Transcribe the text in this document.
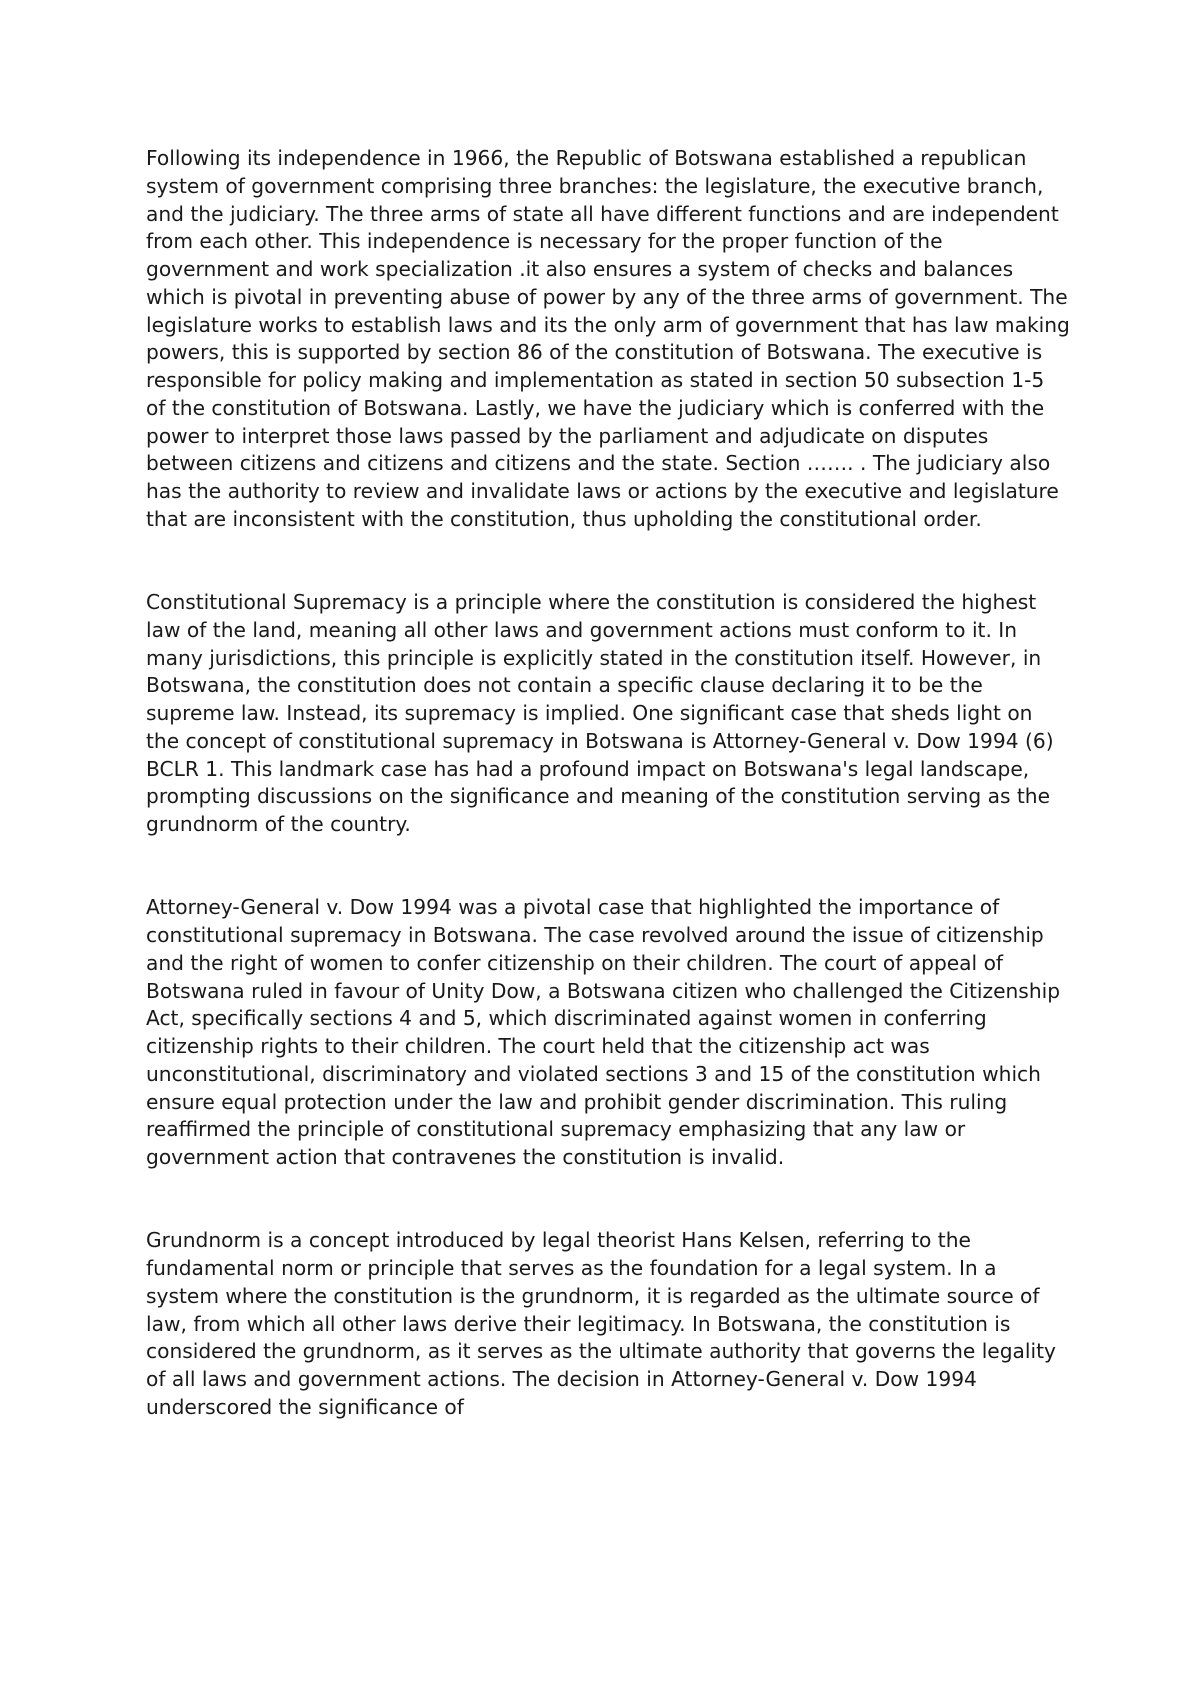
Following its independence in 1966, the Republic of Botswana established a republican system of government comprising three branches: the legislature, the executive branch, and the judiciary. The three arms of state all have different functions and are independent from each other. This independence is necessary for the proper function of the government and work specialization .it also ensures a system of checks and balances which is pivotal in preventing abuse of power by any of the three arms of government. The legislature works to establish laws and its the only arm of government that has law making powers, this is supported by section 86 of the constitution of Botswana. The executive is responsible for policy making and implementation as stated in section 50 subsection 1-5 of the constitution of Botswana. Lastly, we have the judiciary which is conferred with the power to interpret those laws passed by the parliament and adjudicate on disputes between citizens and citizens and citizens and the state. Section ……. . The judiciary also has the authority to review and invalidate laws or actions by the executive and legislature that are inconsistent with the constitution, thus upholding the constitutional order.

Constitutional Supremacy is a principle where the constitution is considered the highest law of the land, meaning all other laws and government actions must conform to it. In many jurisdictions, this principle is explicitly stated in the constitution itself. However, in Botswana, the constitution does not contain a specific clause declaring it to be the supreme law. Instead, its supremacy is implied. One significant case that sheds light on the concept of constitutional supremacy in Botswana is Attorney-General v. Dow 1994 (6) BCLR 1. This landmark case has had a profound impact on Botswana's legal landscape, prompting discussions on the significance and meaning of the constitution serving as the grundnorm of the country.

Attorney-General v. Dow 1994 was a pivotal case that highlighted the importance of constitutional supremacy in Botswana. The case revolved around the issue of citizenship and the right of women to confer citizenship on their children. The court of appeal of Botswana ruled in favour of Unity Dow, a Botswana citizen who challenged the Citizenship Act, specifically sections 4 and 5, which discriminated against women in conferring citizenship rights to their children. The court held that the citizenship act was unconstitutional, discriminatory and violated sections 3 and 15 of the constitution which ensure equal protection under the law and prohibit gender discrimination. This ruling reaffirmed the principle of constitutional supremacy emphasizing that any law or government action that contravenes the constitution is invalid.

Grundnorm is a concept introduced by legal theorist Hans Kelsen, referring to the fundamental norm or principle that serves as the foundation for a legal system. In a system where the constitution is the grundnorm, it is regarded as the ultimate source of law, from which all other laws derive their legitimacy. In Botswana, the constitution is considered the grundnorm, as it serves as the ultimate authority that governs the legality of all laws and government actions. The decision in Attorney-General v. Dow 1994 underscored the significance of
